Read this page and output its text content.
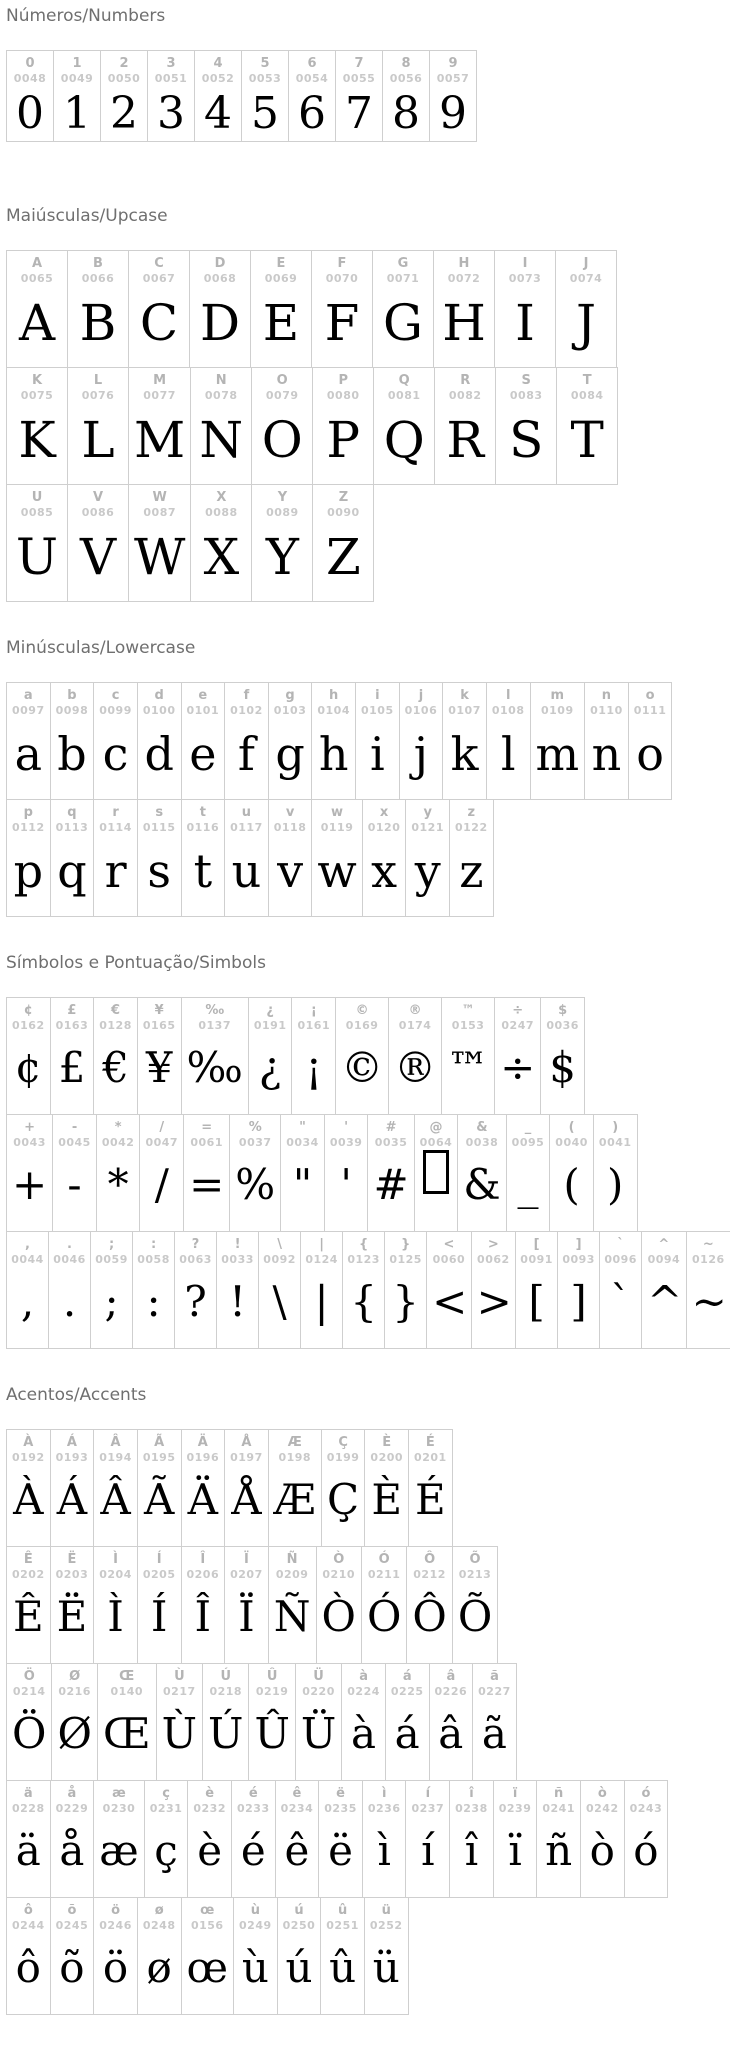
Números/Numbers
0
0048
0
1
0049
1
2
0050
2
3
0051
3
4
0052
4
5
0053
5
6
0054
6
7
0055
7
8
0056
8
9
0057
9
Maiúsculas/Upcase
A
0065
A
B
0066
B
C
0067
C
D
0068
D
E
0069
E
F
0070
F
G
0071
G
H
0072
H
I
0073
I
J
0074
J
K
0075
K
L
0076
L
M
0077
M
N
0078
N
O
0079
O
P
0080
P
Q
0081
Q
R
0082
R
S
0083
S
T
0084
T
U
0085
U
V
0086
V
W
0087
W
X
0088
X
Y
0089
Y
Z
0090
Z
Minúsculas/Lowercase
a
0097
a
b
0098
b
c
0099
c
d
0100
d
e
0101
e
f
0102
f
g
0103
g
h
0104
h
i
0105
i
j
0106
j
k
0107
k
l
0108
l
m
0109
m
n
0110
n
o
0111
o
p
0112
p
q
0113
q
r
0114
r
s
0115
s
t
0116
t
u
0117
u
v
0118
v
w
0119
w
x
0120
x
y
0121
y
z
0122
z
Símbolos e Pontuação/Simbols
¢
0162
¢
£
0163
£
€
0128
€
¥
0165
¥
‰
0137
‰
¿
0191
¿
¡
0161
¡
©
0169
©
®
0174
®
™
0153
™
÷
0247
÷
$
0036
$
+
0043
+
-
0045
-
*
0042
*
/
0047
/
=
0061
=
%
0037
%
"
0034
"
'
0039
'
#
0035
#
@
0064
&
0038
&
_
0095
_
(
0040
(
)
0041
)
,
0044
,
.
0046
.
;
0059
;
:
0058
:
?
0063
?
!
0033
!
\
0092
\
|
0124
|
{
0123
{
}
0125
}
<
0060
<
>
0062
>
[
0091
[
]
0093
]
`
0096
`
^
0094
^
~
0126
~
Acentos/Accents
À
0192
À
Á
0193
Á
Â
0194
Â
Ã
0195
Ã
Ä
0196
Ä
Å
0197
Å
Æ
0198
Æ
Ç
0199
Ç
È
0200
È
É
0201
É
Ê
0202
Ê
Ë
0203
Ë
Ì
0204
Ì
Í
0205
Í
Î
0206
Î
Ï
0207
Ï
Ñ
0209
Ñ
Ò
0210
Ò
Ó
0211
Ó
Ô
0212
Ô
Õ
0213
Õ
Ö
0214
Ö
Ø
0216
Ø
Œ
0140
Œ
Ù
0217
Ù
Ú
0218
Ú
Û
0219
Û
Ü
0220
Ü
à
0224
à
á
0225
á
â
0226
â
ã
0227
ã
ä
0228
ä
å
0229
å
æ
0230
æ
ç
0231
ç
è
0232
è
é
0233
é
ê
0234
ê
ë
0235
ë
ì
0236
ì
í
0237
í
î
0238
î
ï
0239
ï
ñ
0241
ñ
ò
0242
ò
ó
0243
ó
ô
0244
ô
õ
0245
õ
ö
0246
ö
ø
0248
ø
œ
0156
œ
ù
0249
ù
ú
0250
ú
û
0251
û
ü
0252
ü
